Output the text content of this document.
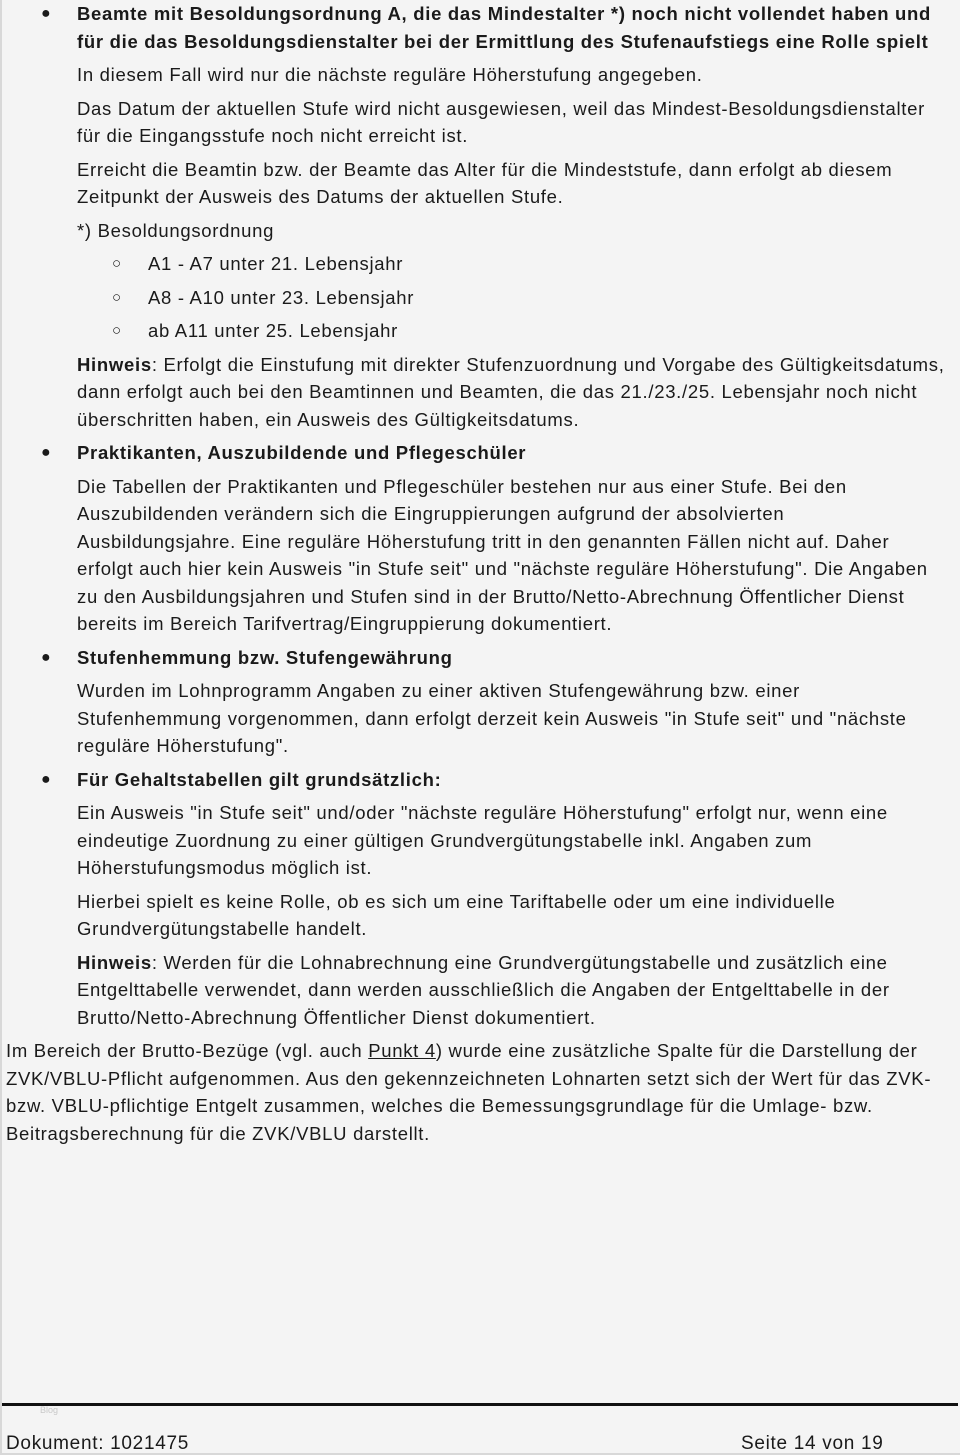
● Beamte mit Besoldungsordnung A, die das Mindestalter *) noch nicht vollendet haben und für die das Besoldungsdienstalter bei der Ermittlung des Stufenaufstiegs eine Rolle spielt

In diesem Fall wird nur die nächste reguläre Höherstufung angegeben.

Das Datum der aktuellen Stufe wird nicht ausgewiesen, weil das Mindest-Besoldungsdienstalter für die Eingangsstufe noch nicht erreicht ist.

Erreicht die Beamtin bzw. der Beamte das Alter für die Mindeststufe, dann erfolgt ab diesem Zeitpunkt der Ausweis des Datums der aktuellen Stufe.

*) Besoldungsordnung

○ A1 - A7 unter 21. Lebensjahr
○ A8 - A10 unter 23. Lebensjahr
○ ab A11 unter 25. Lebensjahr

Hinweis: Erfolgt die Einstufung mit direkter Stufenzuordnung und Vorgabe des Gültigkeitsdatums, dann erfolgt auch bei den Beamtinnen und Beamten, die das 21./23./25. Lebensjahr noch nicht überschritten haben, ein Ausweis des Gültigkeitsdatums.

● Praktikanten, Auszubildende und Pflegeschüler

Die Tabellen der Praktikanten und Pflegeschüler bestehen nur aus einer Stufe. Bei den Auszubildenden verändern sich die Eingruppierungen aufgrund der absolvierten Ausbildungsjahre. Eine reguläre Höherstufung tritt in den genannten Fällen nicht auf. Daher erfolgt auch hier kein Ausweis "in Stufe seit" und "nächste reguläre Höherstufung". Die Angaben zu den Ausbildungsjahren und Stufen sind in der Brutto/Netto-Abrechnung Öffentlicher Dienst bereits im Bereich Tarifvertrag/Eingruppierung dokumentiert.

● Stufenhemmung bzw. Stufengewährung

Wurden im Lohnprogramm Angaben zu einer aktiven Stufengewährung bzw. einer Stufenhemmung vorgenommen, dann erfolgt derzeit kein Ausweis "in Stufe seit" und "nächste reguläre Höherstufung".

● Für Gehaltstabellen gilt grundsätzlich:

Ein Ausweis "in Stufe seit" und/oder "nächste reguläre Höherstufung" erfolgt nur, wenn eine eindeutige Zuordnung zu einer gültigen Grundvergütungstabelle inkl. Angaben zum Höherstufungsmodus möglich ist.

Hierbei spielt es keine Rolle, ob es sich um eine Tariftabelle oder um eine individuelle Grundvergütungstabelle handelt.

Hinweis: Werden für die Lohnabrechnung eine Grundvergütungstabelle und zusätzlich eine Entgelttabelle verwendet, dann werden ausschließlich die Angaben der Entgelttabelle in der Brutto/Netto-Abrechnung Öffentlicher Dienst dokumentiert.

Im Bereich der Brutto-Bezüge (vgl. auch Punkt 4) wurde eine zusätzliche Spalte für die Darstellung der ZVK/VBLU-Pflicht aufgenommen. Aus den gekennzeichneten Lohnarten setzt sich der Wert für das ZVK- bzw. VBLU-pflichtige Entgelt zusammen, welches die Bemessungsgrundlage für die Umlage- bzw. Beitragsberechnung für die ZVK/VBLU darstellt.

Blog
Dokument: 1021475	Seite 14 von 19
